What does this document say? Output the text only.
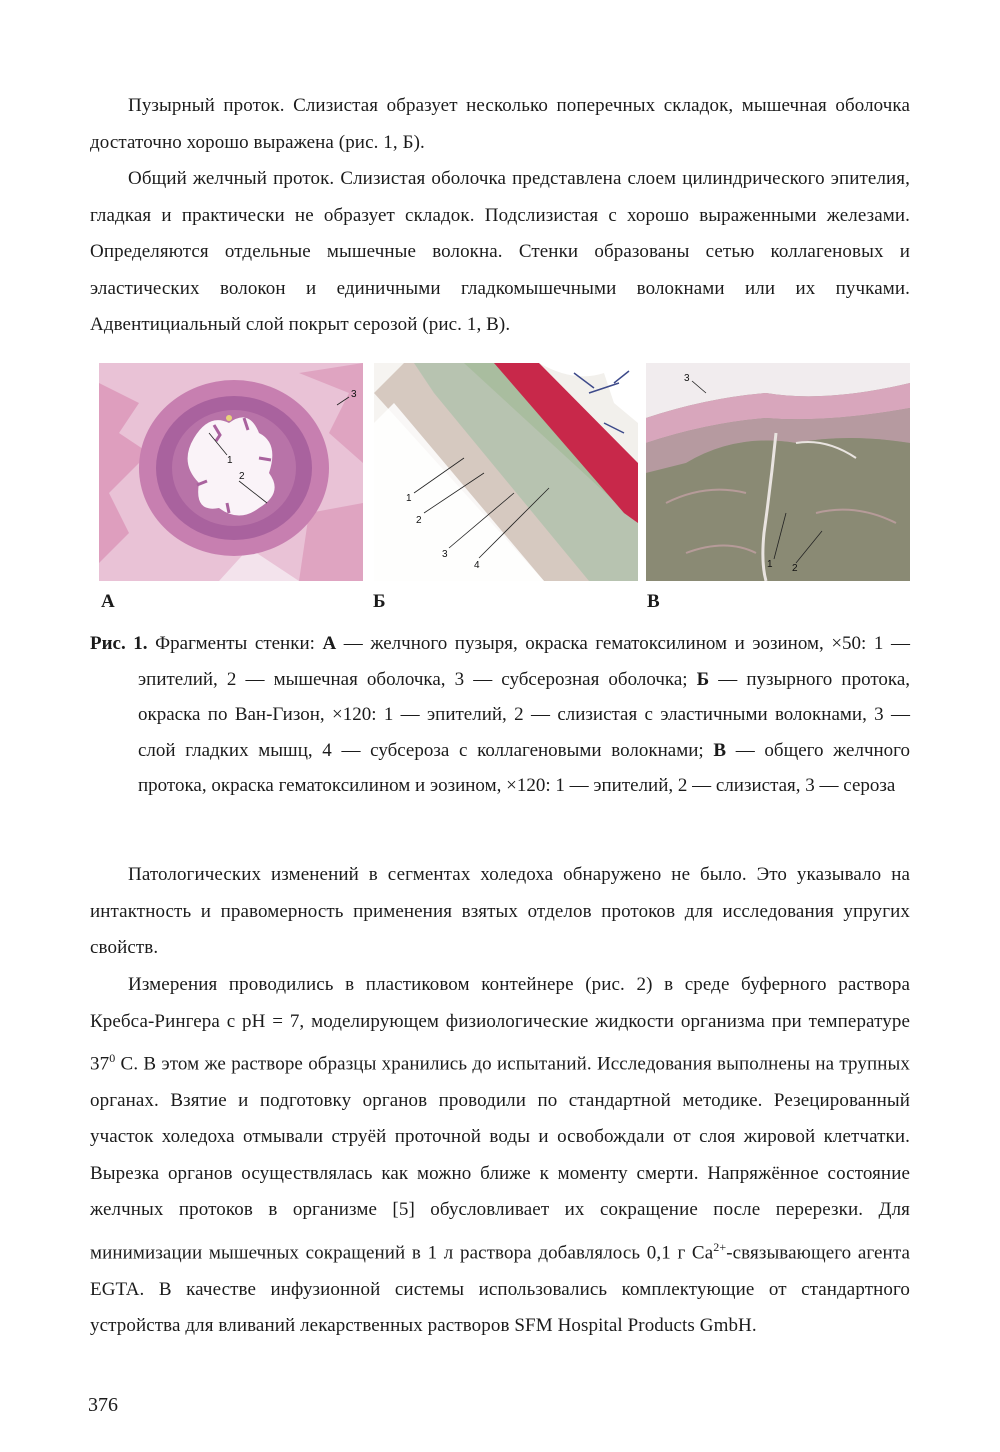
Пузырный проток. Слизистая образует несколько поперечных складок, мышечная оболочка достаточно хорошо выражена (рис. 1, Б).

Общий желчный проток. Слизистая оболочка представлена слоем цилиндрического эпителия, гладкая и практически не образует складок. Подслизистая с хорошо выраженными железами. Определяются отдельные мышечные волокна. Стенки образованы сетью коллагеновых и эластических волокон и единичными гладкомышечными волокнами или их пучками. Адвентициальный слой покрыт серозой (рис. 1, В).

1
2
3
1
2
3
4
3
1 2
А	Б	В

Рис. 1. Фрагменты стенки: А — желчного пузыря, окраска гематоксилином и эозином, ×50: 1 — эпителий, 2 — мышечная оболочка, 3 — субсерозная оболочка; Б — пузырного протока, окраска по Ван-Гизон, ×120: 1 — эпителий, 2 — слизистая с эластичными волокнами, 3 — слой гладких мышц, 4 — субсероза с коллагеновыми волокнами; В — общего желчного протока, окраска гематоксилином и эозином, ×120: 1 — эпителий, 2 — слизистая, 3 — сероза

Патологических изменений в сегментах холедоха обнаружено не было. Это указывало на интактность и правомерность применения взятых отделов протоков для исследования упругих свойств.

Измерения проводились в пластиковом контейнере (рис. 2) в среде буферного раствора Кребса-Рингера с pH = 7, моделирующем физиологические жидкости организма при температуре $37^0$ С. В этом же растворе образцы хранились до испытаний. Исследования выполнены на трупных органах. Взятие и подготовку органов проводили по стандартной методике. Резецированный участок холедоха отмывали струёй проточной воды и освобождали от слоя жировой клетчатки. Вырезка органов осуществлялась как можно ближе к моменту смерти. Напряжённое состояние желчных протоков в организме [5] обусловливает их сокращение после перерезки. Для минимизации мышечных сокращений в 1 л раствора добавлялось 0,1 г $Са^{2+}$-связывающего агента EGTA. В качестве инфузионной системы использовались комплектующие от стандартного устройства для вливаний лекарственных растворов SFM Hospital Products GmbH.

376
